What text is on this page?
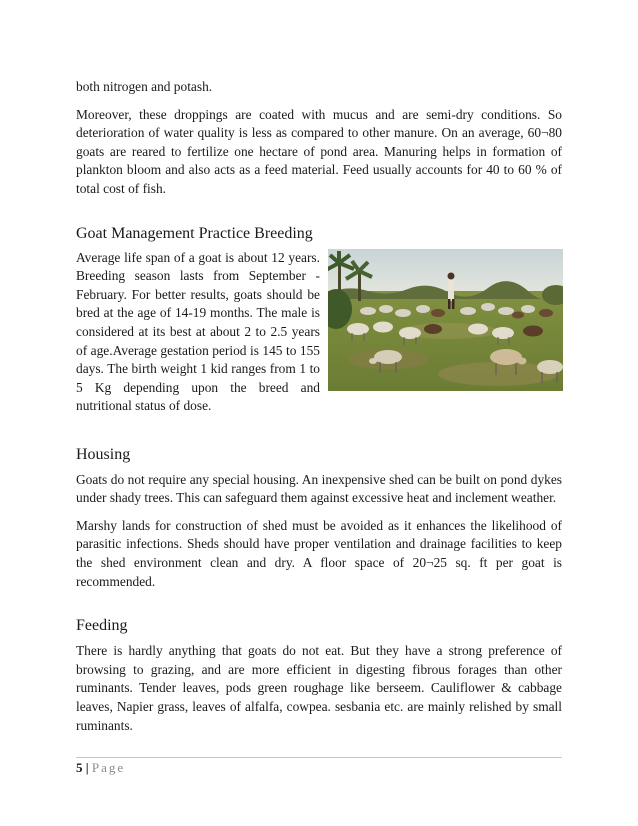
both nitrogen and potash.

Moreover, these droppings are coated with mucus and are semi-dry conditions. So deterioration of water quality is less as compared to other manure. On an average, 60¬80 goats are reared to fertilize one hectare of pond area. Manuring helps in formation of plankton bloom and also acts as a feed material. Feed usually accounts for 40 to 60 % of total cost of fish.

Goat Management Practice Breeding

Average life span of a goat is about 12 years. Breeding season lasts from September - February. For better results, goats should be bred at the age of 14-19 months. The male is considered at its best at about 2 to 2.5 years of age.Average gestation period is 145 to 155 days. The birth weight 1 kid ranges from 1 to 5 Kg depending upon the breed and nutritional status of dose.

Housing

Goats do not require any special housing. An inexpensive shed can be built on pond dykes under shady trees. This can safeguard them against excessive heat and inclement weather.

Marshy lands for construction of shed must be avoided as it enhances the likelihood of parasitic infections. Sheds should have proper ventilation and drainage facilities to keep the shed environment clean and dry. A floor space of 20¬25 sq. ft per goat is recommended.

Feeding

There is hardly anything that goats do not eat. But they have a strong preference of browsing to grazing, and are more efficient in digesting fibrous forages than other ruminants. Tender leaves, pods green roughage like berseem. Cauliflower & cabbage leaves, Napier grass, leaves of alfalfa, cowpea. sesbania etc. are mainly relished by small ruminants.

5 | Page
